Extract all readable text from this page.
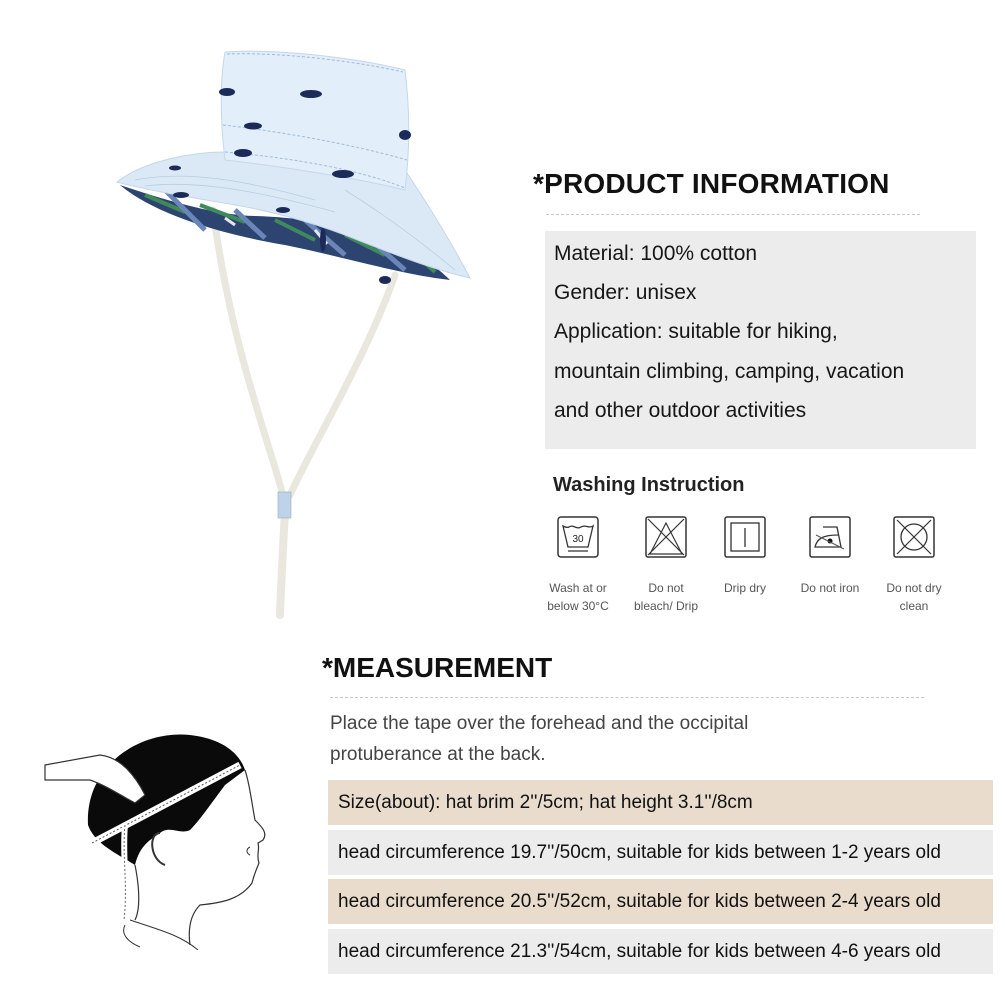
*PRODUCT INFORMATION
Material: 100% cotton
Gender: unisex
Application: suitable for hiking,
mountain climbing, camping, vacation
and other outdoor activities
Washing Instruction
30
Wash at or
below 30°C
Do not
bleach/ Drip
Drip dry	Do not iron	Do not dry
clean
*MEASUREMENT
Place the tape over the forehead and the occipital
protuberance at the back.
Size(about): hat brim 2''/5cm; hat height 3.1''/8cm
head circumference 19.7''/50cm, suitable for kids between 1-2 years old
head circumference 20.5''/52cm, suitable for kids between 2-4 years old
head circumference 21.3''/54cm, suitable for kids between 4-6 years old
